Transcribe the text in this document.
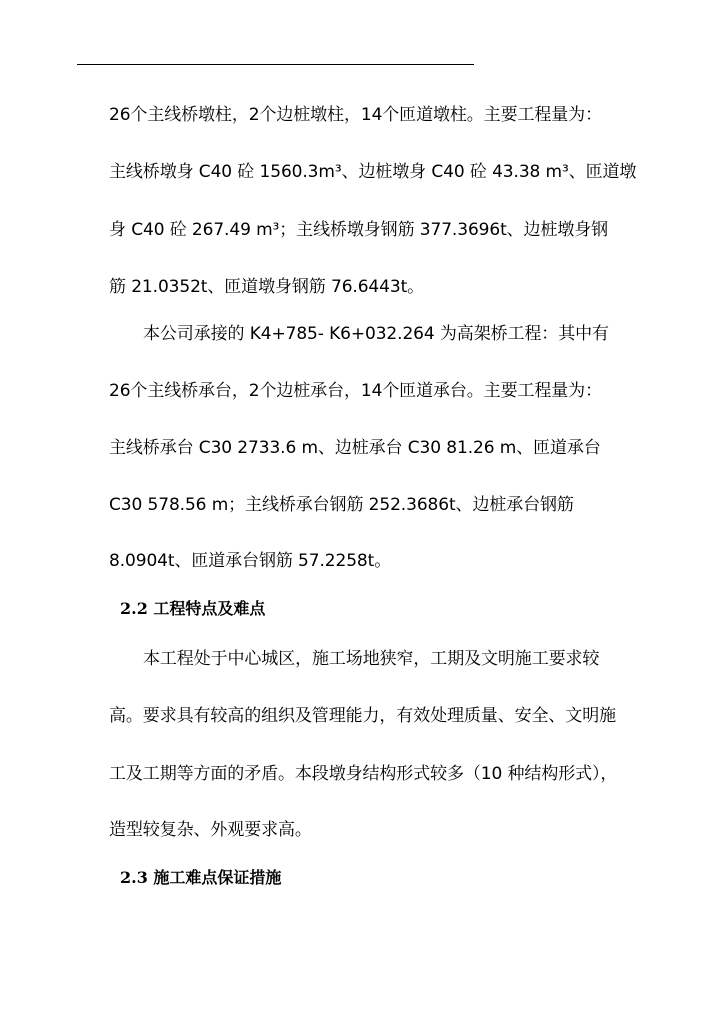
26个主线桥墩柱，2个边桩墩柱，14个匝道墩柱。主要工程量为：
主线桥墩身 C40 砼 1560.3m³、边桩墩身 C40 砼 43.38 m³、匝道墩
身 C40 砼 267.49 m³；主线桥墩身钢筋 377.3696t、边桩墩身钢
筋 21.0352t、匝道墩身钢筋 76.6443t。
本公司承接的 K4+785- K6+032.264 为高架桥工程：其中有
26个主线桥承台，2个边桩承台，14个匝道承台。主要工程量为：
主线桥承台 C30 2733.6 m、边桩承台 C30 81.26 m、匝道承台
C30 578.56 m；主线桥承台钢筋 252.3686t、边桩承台钢筋
8.0904t、匝道承台钢筋 57.2258t。
2.2 工程特点及难点
本工程处于中心城区，施工场地狭窄，工期及文明施工要求较
高。要求具有较高的组织及管理能力，有效处理质量、安全、文明施
工及工期等方面的矛盾。本段墩身结构形式较多（10 种结构形式），
造型较复杂、外观要求高。
2.3 施工难点保证措施
